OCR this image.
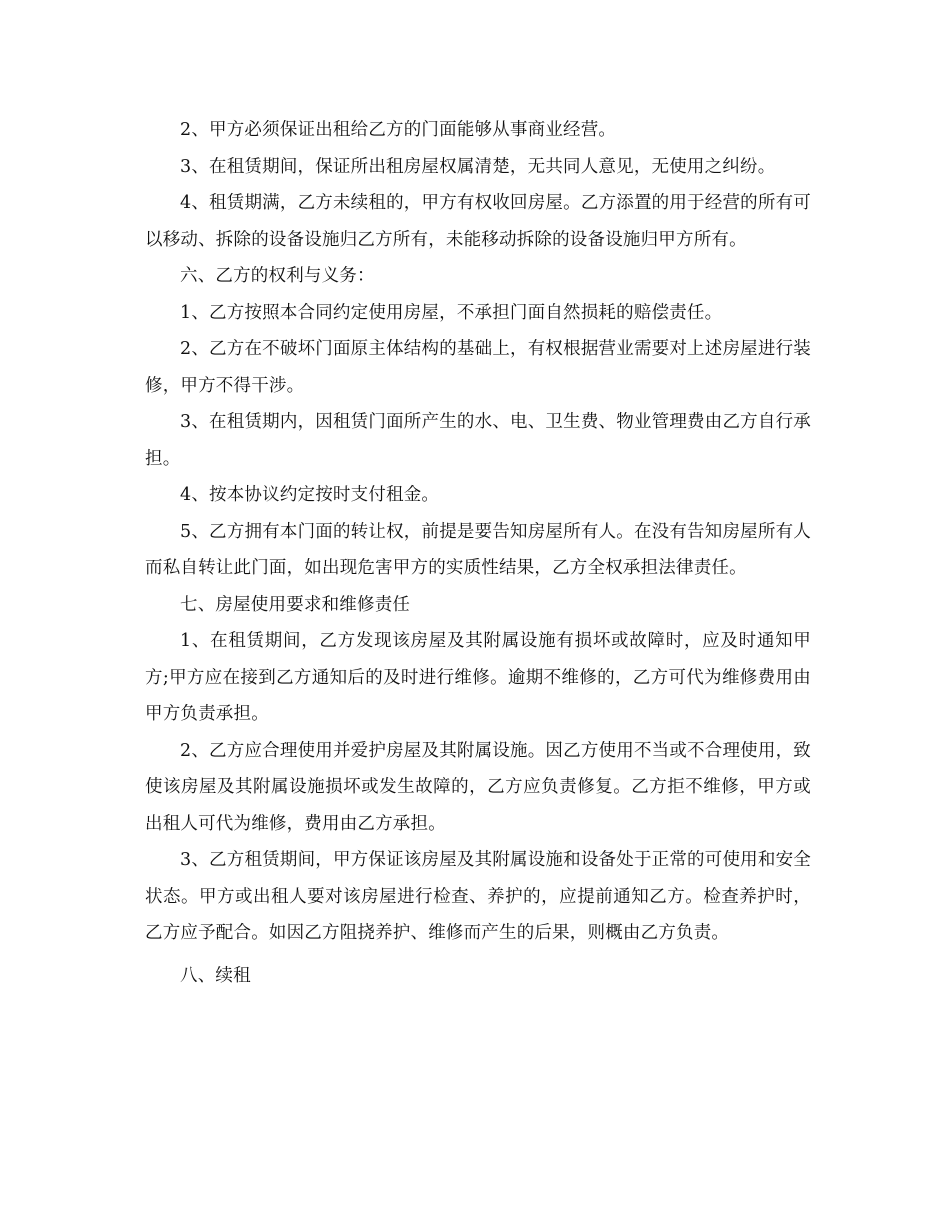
2、甲方必须保证出租给乙方的门面能够从事商业经营。

3、在租赁期间，保证所出租房屋权属清楚，无共同人意见，无使用之纠纷。

4、租赁期满，乙方未续租的，甲方有权收回房屋。乙方添置的用于经营的所有可以移动、拆除的设备设施归乙方所有，未能移动拆除的设备设施归甲方所有。

六、乙方的权利与义务：

1、乙方按照本合同约定使用房屋，不承担门面自然损耗的赔偿责任。

2、乙方在不破坏门面原主体结构的基础上，有权根据营业需要对上述房屋进行装修，甲方不得干涉。

3、在租赁期内，因租赁门面所产生的水、电、卫生费、物业管理费由乙方自行承担。

4、按本协议约定按时支付租金。

5、乙方拥有本门面的转让权，前提是要告知房屋所有人。在没有告知房屋所有人而私自转让此门面，如出现危害甲方的实质性结果，乙方全权承担法律责任。

七、房屋使用要求和维修责任

1、在租赁期间，乙方发现该房屋及其附属设施有损坏或故障时，应及时通知甲方;甲方应在接到乙方通知后的及时进行维修。逾期不维修的，乙方可代为维修费用由甲方负责承担。

2、乙方应合理使用并爱护房屋及其附属设施。因乙方使用不当或不合理使用，致使该房屋及其附属设施损坏或发生故障的，乙方应负责修复。乙方拒不维修，甲方或出租人可代为维修，费用由乙方承担。

3、乙方租赁期间，甲方保证该房屋及其附属设施和设备处于正常的可使用和安全状态。甲方或出租人要对该房屋进行检查、养护的，应提前通知乙方。检查养护时，乙方应予配合。如因乙方阻挠养护、维修而产生的后果，则概由乙方负责。

八、续租
